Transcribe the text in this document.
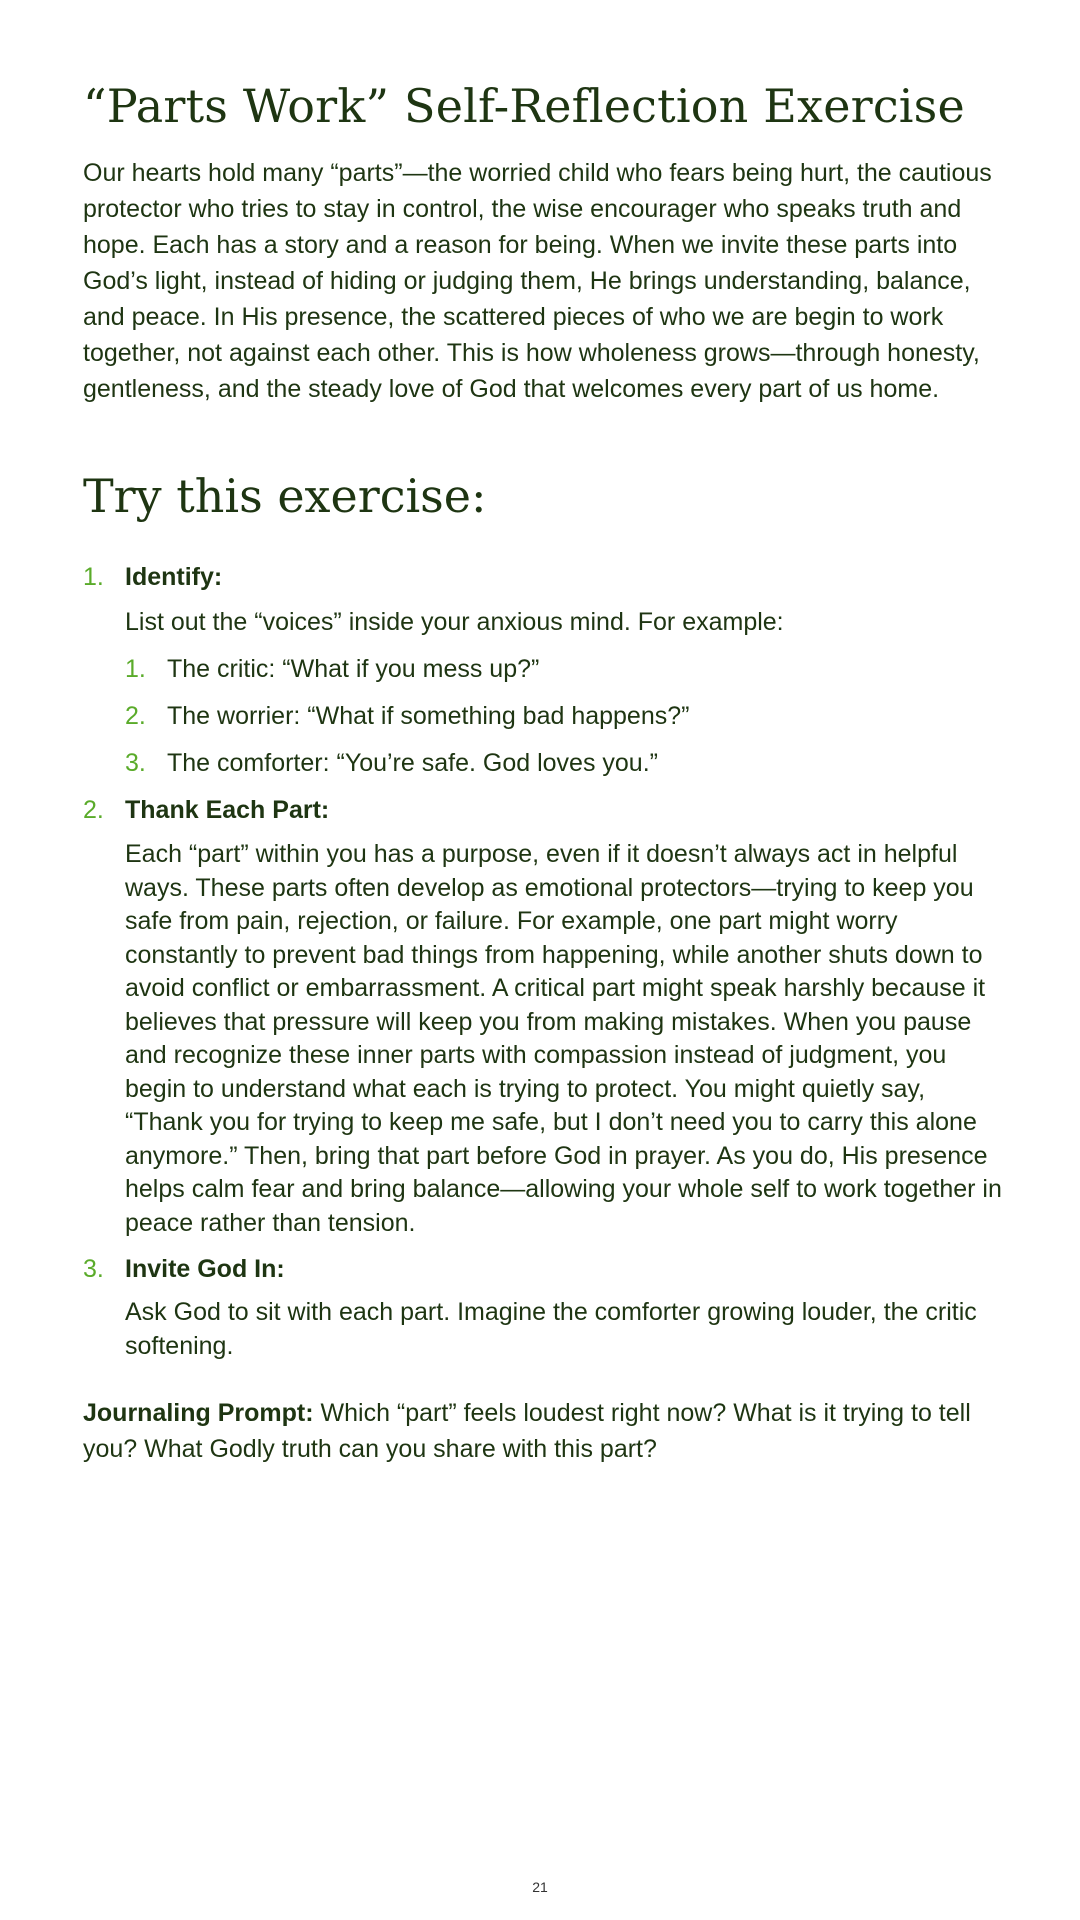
“Parts Work” Self-Reflection Exercise

Our hearts hold many “parts”—the worried child who fears being hurt, the cautious protector who tries to stay in control, the wise encourager who speaks truth and hope. Each has a story and a reason for being. When we invite these parts into God’s light, instead of hiding or judging them, He brings understanding, balance, and peace. In His presence, the scattered pieces of who we are begin to work together, not against each other. This is how wholeness grows—through honesty, gentleness, and the steady love of God that welcomes every part of us home.

Try this exercise:
1. Identify:

List out the “voices” inside your anxious mind. For example:

1. The critic: “What if you mess up?”
2. The worrier: “What if something bad happens?”
3. The comforter: “You’re safe. God loves you.”
2. Thank Each Part:

Each “part” within you has a purpose, even if it doesn’t always act in helpful ways. These parts often develop as emotional protectors—trying to keep you safe from pain, rejection, or failure. For example, one part might worry constantly to prevent bad things from happening, while another shuts down to avoid conflict or embarrassment. A critical part might speak harshly because it believes that pressure will keep you from making mistakes. When you pause and recognize these inner parts with compassion instead of judgment, you begin to understand what each is trying to protect. You might quietly say, “Thank you for trying to keep me safe, but I don’t need you to carry this alone anymore.” Then, bring that part before God in prayer. As you do, His presence helps calm fear and bring balance—allowing your whole self to work together in peace rather than tension.

3. Invite God In:

Ask God to sit with each part. Imagine the comforter growing louder, the critic softening.

Journaling Prompt: Which “part” feels loudest right now? What is it trying to tell you? What Godly truth can you share with this part?

21
